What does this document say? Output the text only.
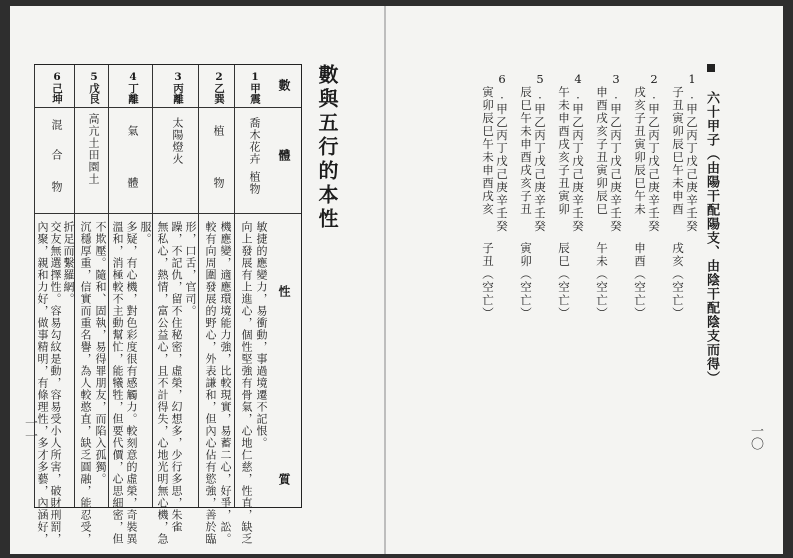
數與五行的本性
數
體
性
質
1甲震
喬木花卉
植物
向上發展有上進心，個性堅強有骨氣，心地仁慈，性直，缺乏 敏捷的應變力，易衝動，事過境遷不記恨。
2乙巽
植
物
較有向周圍發展的野心，外表謙和，但內心佔有慾強，善於臨 機應變，適應環境能力強，比較現實，易蓄二心，好爭，訟。
3丙離
太陽燈火
無私心，熱情，富公益心，且不計得失，心地光明無心機，急 躁，不記仇，留不住秘密，虛榮，幻想多，少行多思，朱雀 形，口舌，官司。
4丁離
氣
體
溫和，消極較不主動幫忙，能犧牲，但要代價，心思細密，但 多疑，有心機，對色彩度很有感觸力。較刻意的虛榮，奇裝異 服。
5戊艮
高亢土田園土
沉穩厚重，信實而重名譽，為人較憨直，缺乏圓融，能忍受， 不欺壓。隨和、固執，易得罪朋友，而陷入孤獨。
6己坤
混
合
物
內聚，親和力好，做事精明，有條理性，多才多藝，內涵好， 交友無選擇性。容易勾紋是動，容易受小人所害，破財刑罰， 折足而繫羅網。
一一	一〇
六十甲子（由陽干配陽支、由陰干配陰支而得）
1.甲乙丙丁戊己庚辛壬癸
子丑寅卯辰巳午未申酉　　戌亥（空亡）
2.甲乙丙丁戊己庚辛壬癸
戌亥子丑寅卯辰巳午未　　申酉（空亡）
3.甲乙丙丁戊己庚辛壬癸
申酉戌亥子丑寅卯辰巳　　午未（空亡）
4.甲乙丙丁戊己庚辛壬癸
午未申酉戌亥子丑寅卯　　辰巳（空亡）
5.甲乙丙丁戊己庚辛壬癸
辰巳午未申酉戌亥子丑　　寅卯（空亡）
6.甲乙丙丁戊己庚辛壬癸
寅卯辰巳午未申酉戌亥　　子丑（空亡）
